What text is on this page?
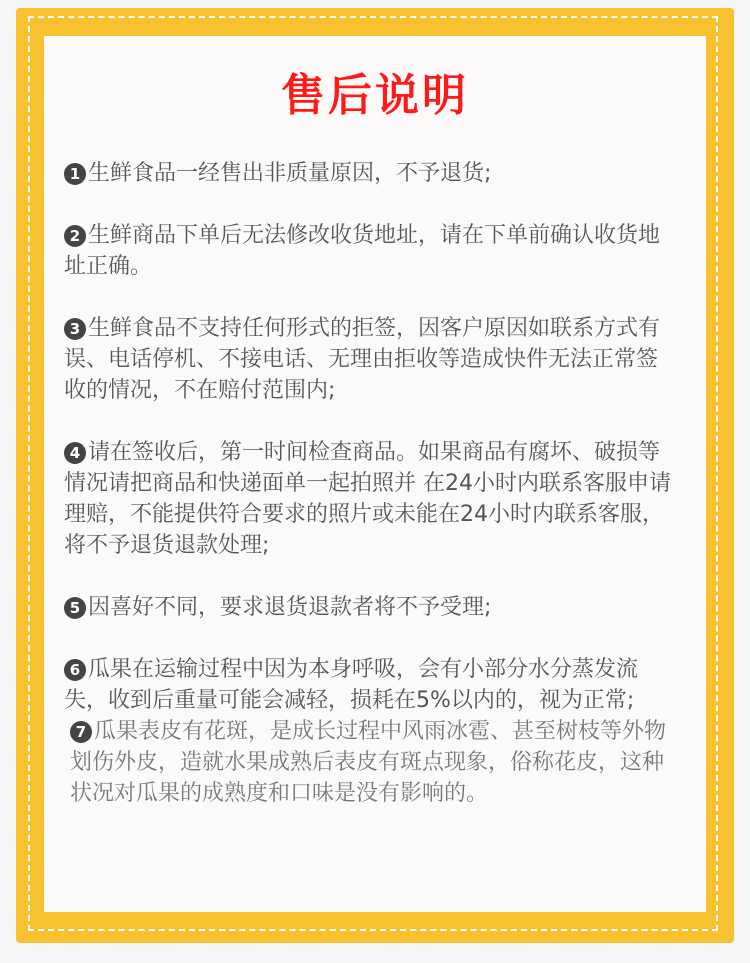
售后说明

1 生鲜食品一经售出非质量原因，不予退货;

2 生鲜商品下单后无法修改收货地址，请在下单前确认收货地址正确。

3 生鲜食品不支持任何形式的拒签，因客户原因如联系方式有误、电话停机、不接电话、无理由拒收等造成快件无法正常签收的情况，不在赔付范围内;

4 请在签收后，第一时间检查商品。如果商品有腐坏、破损等情况请把商品和快递面单一起拍照并 在24小时内联系客服申请理赔，不能提供符合要求的照片或未能在24小时内联系客服，将不予退货退款处理;

5 因喜好不同，要求退货退款者将不予受理;

6 瓜果在运输过程中因为本身呼吸，会有小部分水分蒸发流失，收到后重量可能会减轻，损耗在5%以内的，视为正常;

7 瓜果表皮有花斑，是成长过程中风雨冰雹、甚至树枝等外物划伤外皮，造就水果成熟后表皮有斑点现象，俗称花皮，这种状况对瓜果的成熟度和口味是没有影响的。
